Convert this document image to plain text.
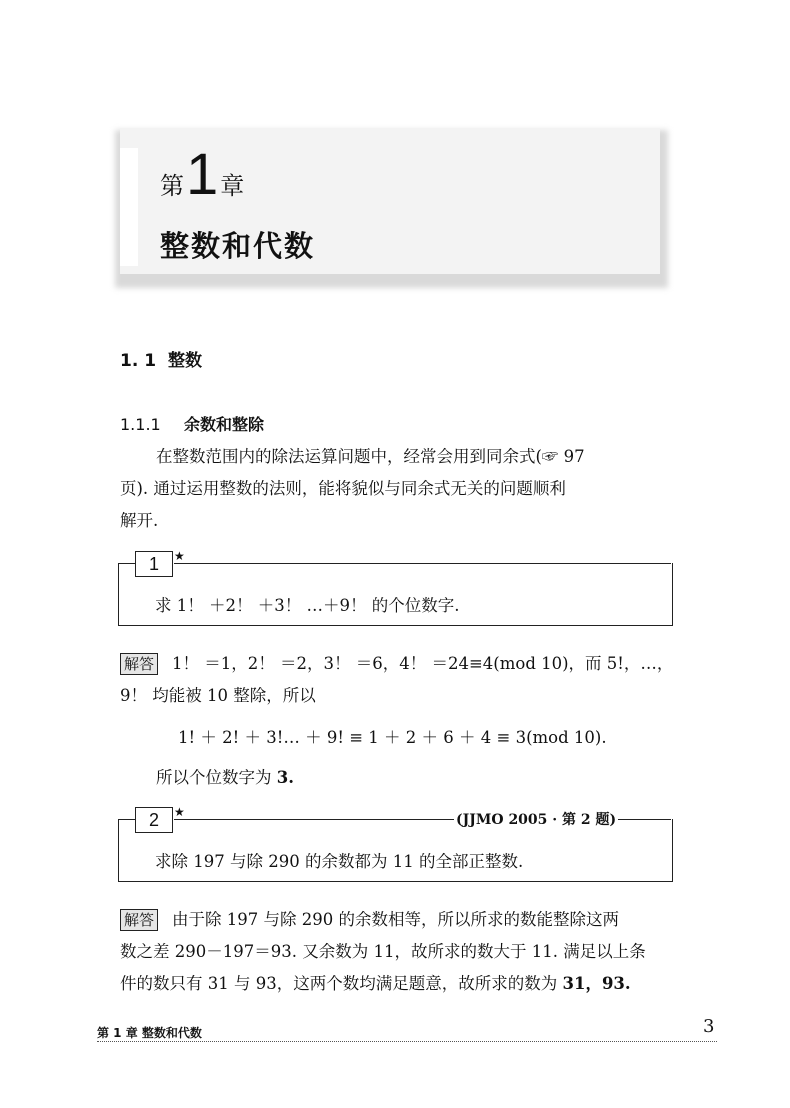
第 1 章
整数和代数
1. 1 整数
1.1.1 余数和整除
在整数范围内的除法运算问题中，经常会用到同余式(☞ 97
页). 通过运用整数的法则，能将貌似与同余式无关的问题顺利
解开.
1	★
求 1！ ＋2！ ＋3！ …＋9！ 的个位数字.
解答 1！ ＝1，2！ ＝2，3！ ＝6，4！ ＝24≡4(mod 10)，而 5!，…，
9！ 均能被 10 整除，所以
1! ＋ 2! ＋ 3!… ＋ 9! ≡ 1 ＋ 2 ＋ 6 ＋ 4 ≡ 3(mod 10).
所以个位数字为 3.
2	★	(JJMO 2005 · 第 2 题)
求除 197 与除 290 的余数都为 11 的全部正整数.
解答 由于除 197 与除 290 的余数相等，所以所求的数能整除这两
数之差 290－197＝93. 又余数为 11，故所求的数大于 11. 满足以上条
件的数只有 31 与 93，这两个数均满足题意，故所求的数为 31，93.
第 1 章 整数和代数	3
